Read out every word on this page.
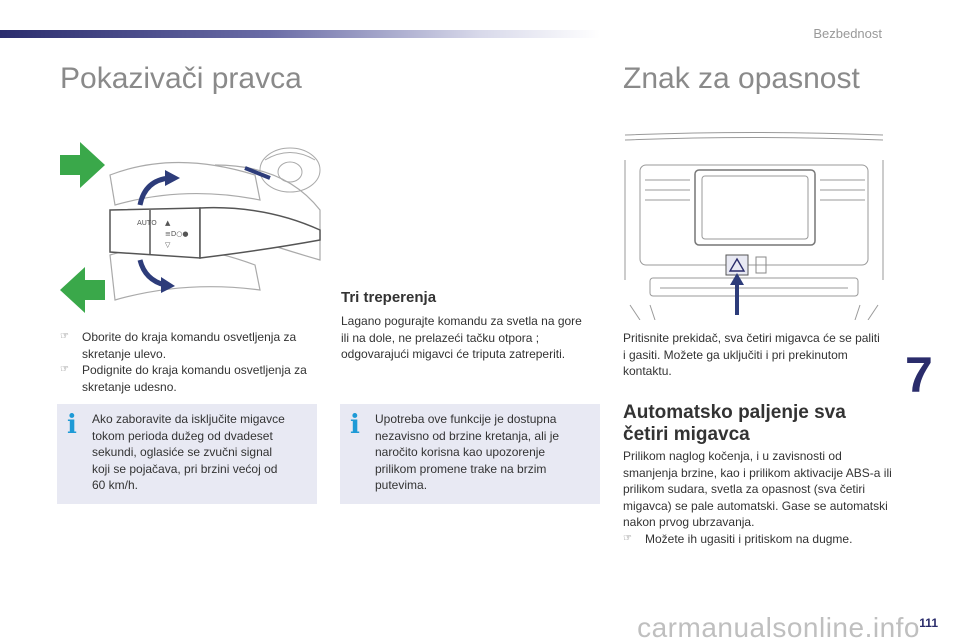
Bezbednost
Pokazivači pravca	Znak za opasnost
AUTO ▲
≡D○●
▽
☞	Oborite do kraja komandu osvetljenja za skretanje ulevo.
☞	Podignite do kraja komandu osvetljenja za skretanje udesno.
Tri treperenja
Lagano pogurajte komandu za svetla na gore ili na dole, ne prelazeći tačku otpora ; odgovarajući migavci će triputa zatreperiti.
i	Ako zaboravite da isključite migavce tokom perioda dužeg od dvadeset sekundi, oglasiće se zvučni signal koji se pojačava, pri brzini većoj od 60 km/h.
i	Upotreba ove funkcije je dostupna nezavisno od brzine kretanja, ali je naročito korisna kao upozorenje prilikom promene trake na brzim putevima.
Pritisnite prekidač, sva četiri migavca će se paliti i gasiti. Možete ga uključiti i pri prekinutom kontaktu.
Automatsko paljenje sva četiri migavca
Prilikom naglog kočenja, i u zavisnosti od smanjenja brzine, kao i prilikom aktivacije ABS-a ili prilikom sudara, svetla za opasnost (sva četiri migavca) se pale automatski. Gase se automatski nakon prvog ubrzavanja.
☞	Možete ih ugasiti i pritiskom na dugme.
7
111
carmanualsonline.info
